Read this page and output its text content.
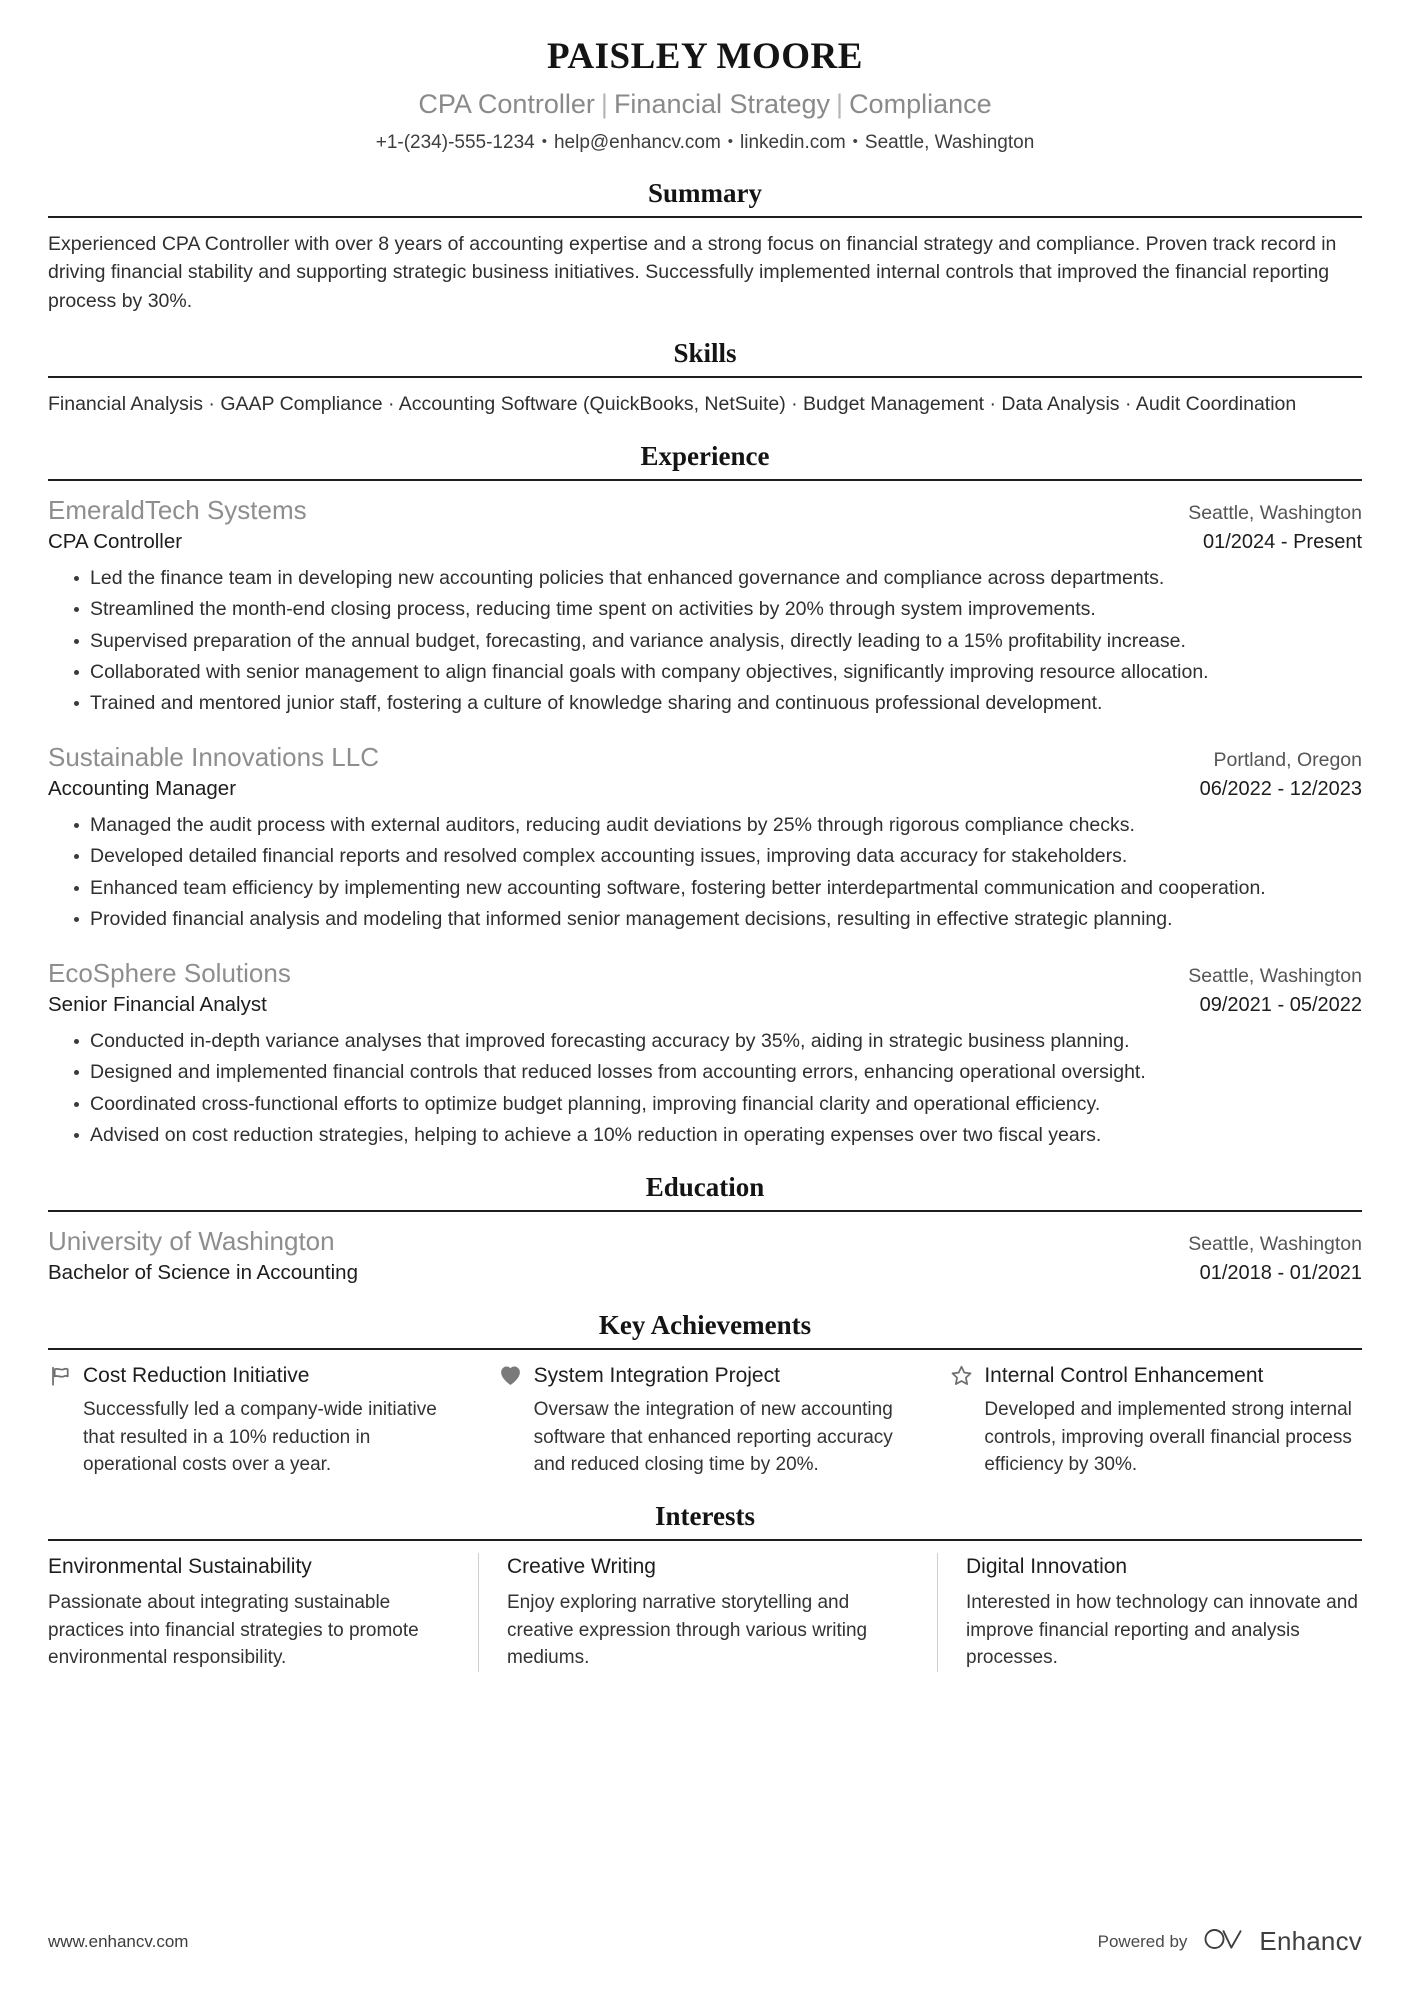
PAISLEY MOORE
CPA Controller | Financial Strategy | Compliance
+1-(234)-555-1234 • help@enhancv.com • linkedin.com • Seattle, Washington
Summary
Experienced CPA Controller with over 8 years of accounting expertise and a strong focus on financial strategy and compliance. Proven track record in driving financial stability and supporting strategic business initiatives. Successfully implemented internal controls that improved the financial reporting process by 30%.
Skills
Financial Analysis · GAAP Compliance · Accounting Software (QuickBooks, NetSuite) · Budget Management · Data Analysis · Audit Coordination
Experience
EmeraldTech Systems	Seattle, Washington
CPA Controller	01/2024 - Present
Led the finance team in developing new accounting policies that enhanced governance and compliance across departments.
Streamlined the month-end closing process, reducing time spent on activities by 20% through system improvements.
Supervised preparation of the annual budget, forecasting, and variance analysis, directly leading to a 15% profitability increase.
Collaborated with senior management to align financial goals with company objectives, significantly improving resource allocation.
Trained and mentored junior staff, fostering a culture of knowledge sharing and continuous professional development.
Sustainable Innovations LLC	Portland, Oregon
Accounting Manager	06/2022 - 12/2023
Managed the audit process with external auditors, reducing audit deviations by 25% through rigorous compliance checks.
Developed detailed financial reports and resolved complex accounting issues, improving data accuracy for stakeholders.
Enhanced team efficiency by implementing new accounting software, fostering better interdepartmental communication and cooperation.
Provided financial analysis and modeling that informed senior management decisions, resulting in effective strategic planning.
EcoSphere Solutions	Seattle, Washington
Senior Financial Analyst	09/2021 - 05/2022
Conducted in-depth variance analyses that improved forecasting accuracy by 35%, aiding in strategic business planning.
Designed and implemented financial controls that reduced losses from accounting errors, enhancing operational oversight.
Coordinated cross-functional efforts to optimize budget planning, improving financial clarity and operational efficiency.
Advised on cost reduction strategies, helping to achieve a 10% reduction in operating expenses over two fiscal years.
Education
University of Washington	Seattle, Washington
Bachelor of Science in Accounting	01/2018 - 01/2021
Key Achievements
Cost Reduction Initiative
Successfully led a company-wide initiative that resulted in a 10% reduction in operational costs over a year.
System Integration Project
Oversaw the integration of new accounting software that enhanced reporting accuracy and reduced closing time by 20%.
Internal Control Enhancement
Developed and implemented strong internal controls, improving overall financial process efficiency by 30%.
Interests
Environmental Sustainability
Passionate about integrating sustainable practices into financial strategies to promote environmental responsibility.
Creative Writing
Enjoy exploring narrative storytelling and creative expression through various writing mediums.
Digital Innovation
Interested in how technology can innovate and improve financial reporting and analysis processes.
www.enhancv.com	Powered by	Enhancv
